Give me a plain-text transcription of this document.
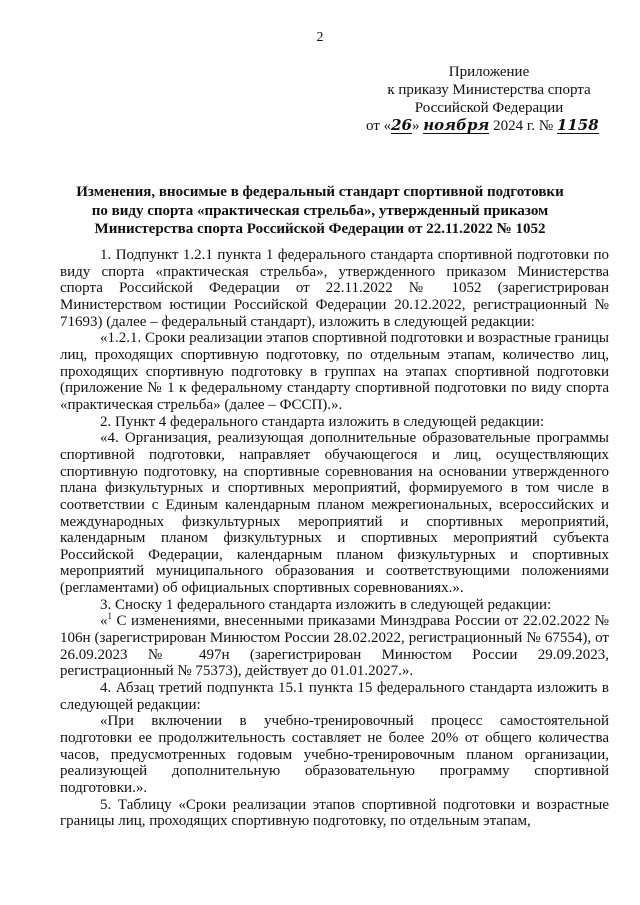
2
Приложение
к приказу Министерства спорта
Российской Федерации
от «26» ноября 2024 г. № 1158
Изменения, вносимые в федеральный стандарт спортивной подготовки
по виду спорта «практическая стрельба», утвержденный приказом
Министерства спорта Российской Федерации от 22.11.2022 № 1052

1. Подпункт 1.2.1 пункта 1 федерального стандарта спортивной подготовки по виду спорта «практическая стрельба», утвержденного приказом Министерства спорта Российской Федерации от 22.11.2022 № 1052 (зарегистрирован Министерством юстиции Российской Федерации 20.12.2022, регистрационный № 71693) (далее – федеральный стандарт), изложить в следующей редакции:

«1.2.1. Сроки реализации этапов спортивной подготовки и возрастные границы лиц, проходящих спортивную подготовку, по отдельным этапам, количество лиц, проходящих спортивную подготовку в группах на этапах спортивной подготовки (приложение № 1 к федеральному стандарту спортивной подготовки по виду спорта «практическая стрельба» (далее – ФССП).».

2. Пункт 4 федерального стандарта изложить в следующей редакции:

«4. Организация, реализующая дополнительные образовательные программы спортивной подготовки, направляет обучающегося и лиц, осуществляющих спортивную подготовку, на спортивные соревнования на основании утвержденного плана физкультурных и спортивных мероприятий, формируемого в том числе в соответствии с Единым календарным планом межрегиональных, всероссийских и международных физкультурных мероприятий и спортивных мероприятий, календарным планом физкультурных и спортивных мероприятий субъекта Российской Федерации, календарным планом физкультурных и спортивных мероприятий муниципального образования и соответствующими положениями (регламентами) об официальных спортивных соревнованиях.».

3. Сноску 1 федерального стандарта изложить в следующей редакции:

«$^1$ С изменениями, внесенными приказами Минздрава России от 22.02.2022 № 106н (зарегистрирован Минюстом России 28.02.2022, регистрационный № 67554), от 26.09.2023 № 497н (зарегистрирован Минюстом России 29.09.2023, регистрационный № 75373), действует до 01.01.2027.».

4. Абзац третий подпункта 15.1 пункта 15 федерального стандарта изложить в следующей редакции:

«При включении в учебно-тренировочный процесс самостоятельной подготовки ее продолжительность составляет не более 20% от общего количества часов, предусмотренных годовым учебно-тренировочным планом организации, реализующей дополнительную образовательную программу спортивной подготовки.».

5. Таблицу «Сроки реализации этапов спортивной подготовки и возрастные границы лиц, проходящих спортивную подготовку, по отдельным этапам,
